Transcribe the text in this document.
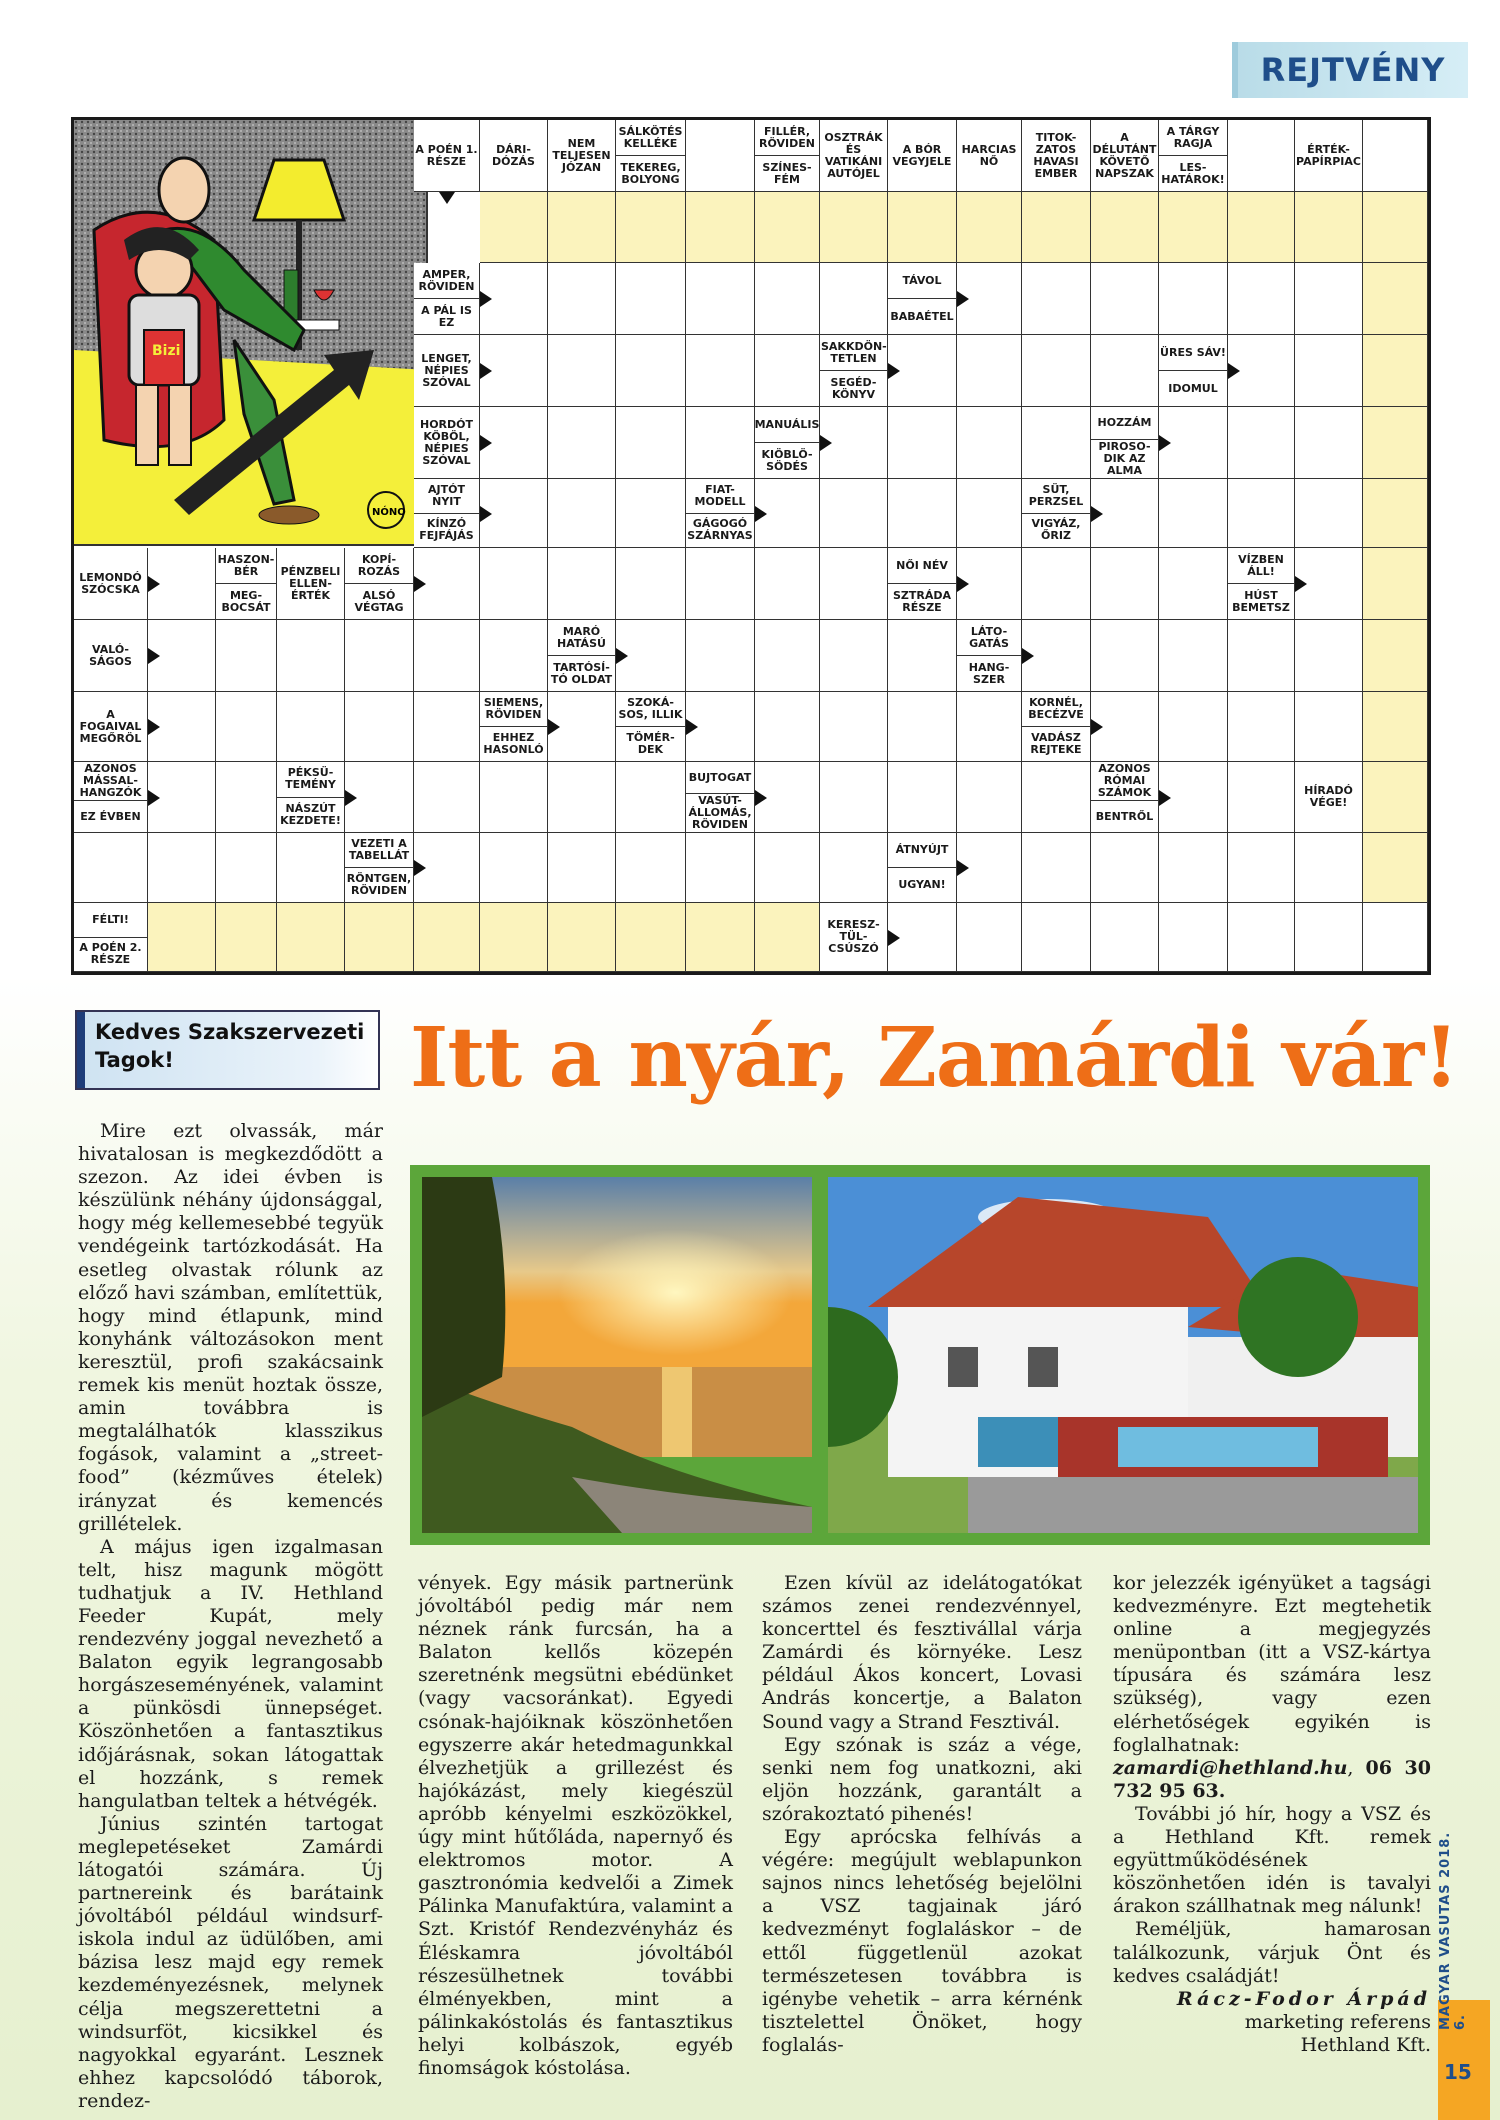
REJTVÉNY
Bizi
NÓNO
A POÉN 1. RÉSZE
DÁRI-DÓZÁS
NEM TELJESEN JÓZAN
SÁLKÖTÉS KELLÉKE
TEKEREG, BOLYONG
FILLÉR, RÖVIDEN
SZÍNES-FÉM
OSZTRÁK ÉS VATIKÁNI AUTÓJEL
A BÓR VEGYJELE
HARCIAS NŐ
TITOK-ZATOS HAVASI EMBER
A DÉLUTÁNT KÖVETŐ NAPSZAK
A TÁRGY RAGJA
LES-HATÁROK!
ÉRTÉK-PAPÍRPIAC
AMPER, RÖVIDEN
A PÁL IS EZ
TÁVOL
BABAÉTEL
LENGET, NÉPIES SZÓVAL
SAKKDÖN-TETLEN
SEGÉD-KÖNYV
ÜRES SÁV!
IDOMUL
HORDÓT KÖBÖL, NÉPIES SZÓVAL
MANUÁLIS
KIÖBLÖ-SÖDÉS
HOZZÁM
PIROSO-DIK AZ ALMA
AJTÓT NYIT
KÍNZÓ FEJFÁJÁS
FIAT-MODELL
GÁGOGÓ SZÁRNYAS
SÜT, PERZSEL
VIGYÁZ, ŐRIZ
LEMONDÓ SZÓCSKA
HASZON-BÉR
MEG-BOCSÁT
PÉNZBELI ELLEN-ÉRTÉK
KOPÍ-ROZÁS
ALSÓ VÉGTAG
NŐI NÉV
SZTRÁDA RÉSZE
VÍZBEN ÁLL!
HÚST BEMETSZ
VALÓ-SÁGOS
MARÓ HATÁSÚ
TARTÓSÍ-TÓ OLDAT
LÁTO-GATÁS
HANG-SZER
A FOGAIVAL MEGŐRÖL
SIEMENS, RÖVIDEN
EHHEZ HASONLÓ
SZOKÁ-SOS, ILLIK
TÖMÉR-DEK
KORNÉL, BECÉZVE
VADÁSZ REJTEKE
AZONOS MÁSSAL-HANGZÓK
EZ ÉVBEN
PÉKSÜ-TEMÉNY
NÁSZÚT KEZDETE!
BUJTOGAT
VASÚT-ÁLLOMÁS, RÖVIDEN
AZONOS RÓMAI SZÁMOK
BENTRŐL
HÍRADÓ VÉGE!
VEZETI A TABELLÁT
RÖNTGEN, RÖVIDEN
ÁTNYÚJT
UGYAN!
FÉLTI!
A POÉN 2. RÉSZE
KERESZ-TÜL-CSÚSZÓ
Kedves Szakszervezeti Tagok!	Itt a nyár, Zamárdi vár!

Mire ezt olvassák, már hivatalosan is megkezdődött a szezon. Az idei évben is készülünk néhány újdonsággal, hogy még kellemesebbé tegyük vendégeink tartózkodását. Ha esetleg olvastak rólunk az előző havi számban, említettük, hogy mind étlapunk, mind konyhánk változásokon ment keresztül, profi szakácsaink remek kis menüt hoztak össze, amin továbbra is megtalálhatók klasszikus fogások, valamint a „street-food” (kézműves ételek) irányzat és kemencés grillételek.

A május igen izgalmasan telt, hisz magunk mögött tudhatjuk a IV. Hethland Feeder Kupát, mely rendezvény joggal nevezhető a Balaton egyik legrangosabb horgászeseményének, valamint a pünkösdi ünnepséget. Köszönhetően a fantasztikus időjárásnak, sokan látogattak el hozzánk, s remek hangulatban teltek a hétvégék.

Június szintén tartogat meglepetéseket Zamárdi látogatói számára. Új partnereink és barátaink jóvoltából például windsurf-iskola indul az üdülőben, ami bázisa lesz majd egy remek kezdeményezésnek, melynek célja megszerettetni a windsurföt, kicsikkel és nagyokkal egyaránt. Lesznek ehhez kapcsolódó táborok, rendez-

vények. Egy másik partnerünk jóvoltából pedig már nem néznek ránk furcsán, ha a Balaton kellős közepén szeretnénk megsütni ebédünket (vagy vacsoránkat). Egyedi csónak-hajóiknak köszönhetően egyszerre akár hetedmagunkkal élvezhetjük a grillezést és hajókázást, mely kiegészül apróbb kényelmi eszközökkel, úgy mint hűtőláda, napernyő és elektromos motor. A gasztronómia kedvelői a Zimek Pálinka Manufaktúra, valamint a Szt. Kristóf Rendezvényház és Éléskamra jóvoltából részesülhetnek további élményekben, mint a pálinkakóstolás és fantasztikus helyi kolbászok, egyéb finomságok kóstolása.

Ezen kívül az idelátogatókat számos zenei rendezvénnyel, koncerttel és fesztivállal várja Zamárdi és környéke. Lesz például Ákos koncert, Lovasi András koncertje, a Balaton Sound vagy a Strand Fesztivál.

Egy szónak is száz a vége, senki nem fog unatkozni, aki eljön hozzánk, garantált a szórakoztató pihenés!

Egy aprócska felhívás a végére: megújult weblapunkon sajnos nincs lehetőség bejelölni a VSZ tagjainak járó kedvezményt foglaláskor – de ettől függetlenül azokat természetesen továbbra is igénybe vehetik – arra kérnénk tisztelettel Önöket, hogy foglalás-

kor jelezzék igényüket a tagsági kedvezményre. Ezt megtehetik online a megjegyzés menüpontban (itt a VSZ-kártya típusára és számára lesz szükség), vagy ezen elérhetőségek egyikén is foglalhatnak: zamardi@hethland.hu, 06 30 732 95 63.

További jó hír, hogy a VSZ és a Hethland Kft. remek együttműködésének köszönhetően idén is tavalyi árakon szállhatnak meg nálunk!

Reméljük, hamarosan találkozunk, várjuk Önt és kedves családját!

Rácz-Fodor Árpád

marketing referens

Hethland Kft.

MAGYAR VASUTAS 2018. 6.
15
